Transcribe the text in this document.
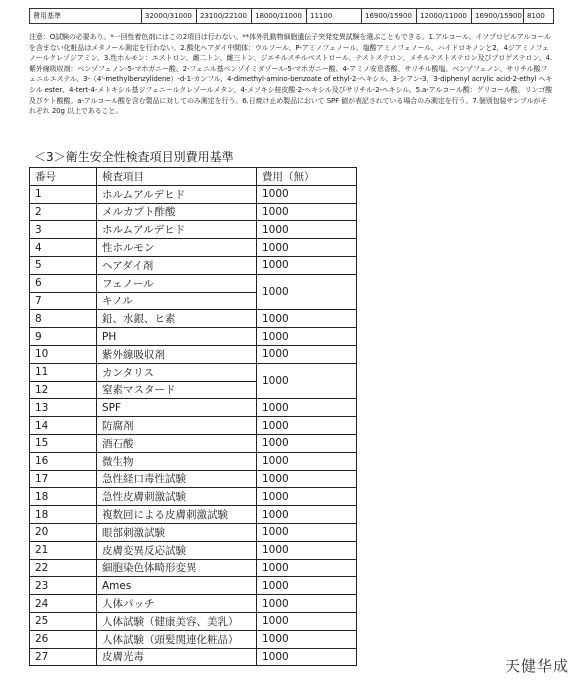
費用基準	32000/31000	23100/22100	18000/11000	11100	16900/15900	12000/11000	16900/15900	8100

注意：O試験の必要あり。*一回性着色剤にはこの2項目は行わない。**体外乳動物細胞遺伝子突発変異試験を選ぶこともできる。1.アルコール、イソプロピルアルコールを含まない化粧品はメタノール測定を行わない。2.酸化ヘアダイ中間体：ウルソール、P-アミノフェノール、塩酸アミノフェノール、ハイドロキノンと2，4ジアミノフェノールクレゾジアミン。3.性ホルモン：エストロン、雌二トン、雌三トン、ジエチルスチルベストロール、テストステロン、メチルテストステロン及びプロゲステロン。4.紫外線吸収剤：ベンゾフェノン-5-マホガニー酸、2-フェニル基ベンゾイミダゾール-5-マホガニー酸、4-アミノ安息香酸、サリチル酸塩、ベンゾフェノン、サリチル酸フェニルエステル、3-（4'-methylbenzylidene）-d-1-カンフル、4-dimethyl-amino-benzoate of ethyl-2-ヘキシル、3-シアン-3，3-diphenyl acrylic acid-2-ethyl ヘキシル ester、4-tert-4-メトキシル基ジフェニールクレゾールメタン、4-メソキシ桂皮酸-2-ヘキシル及びサリチル-2-ヘキシル。5.a-アルコール酸：グリコール酸、リンゴ酸及びケト酸酸。a-アルコール酸を含む製品に対してのみ測定を行う。6.日焼け止め製品において SPF 値が表記されている場合のみ測定を行う。7.個別包装サンプルがそれぞれ 20g 以上であること。

＜3＞衛生安全性検査項目別費用基準
番号	検査項目	費用（無）
1	ホルムアルデヒド	1000
2	メルカプト酢酸	1000
3	ホルムアルデヒド	1000
4	性ホルモン	1000
5	ヘアダイ剤	1000
6	フェノール	1000
7	キノル	
8	鉛、水銀、ヒ素	1000
9	PH	1000
10	紫外線吸収剤	1000
11	カンタリス	1000
12	窒素マスタード	
13	SPF	1000
14	防腐剤	1000
15	酒石酸	1000
16	微生物	1000
17	急性経口毒性試験	1000
18	急性皮膚刺激試験	1000
18	複数回による皮膚刺激試験	1000
20	眼部刺激試験	1000
21	皮膚変異反応試験	1000
22	細胞染色体畸形変異	1000
23	Ames	1000
24	人体パッチ	1000
25	人体試験（健康美容、美乳）	1000
26	人体試験（頭髪関連化粧品）	1000
27	皮膚光毒	1000
天健华成
